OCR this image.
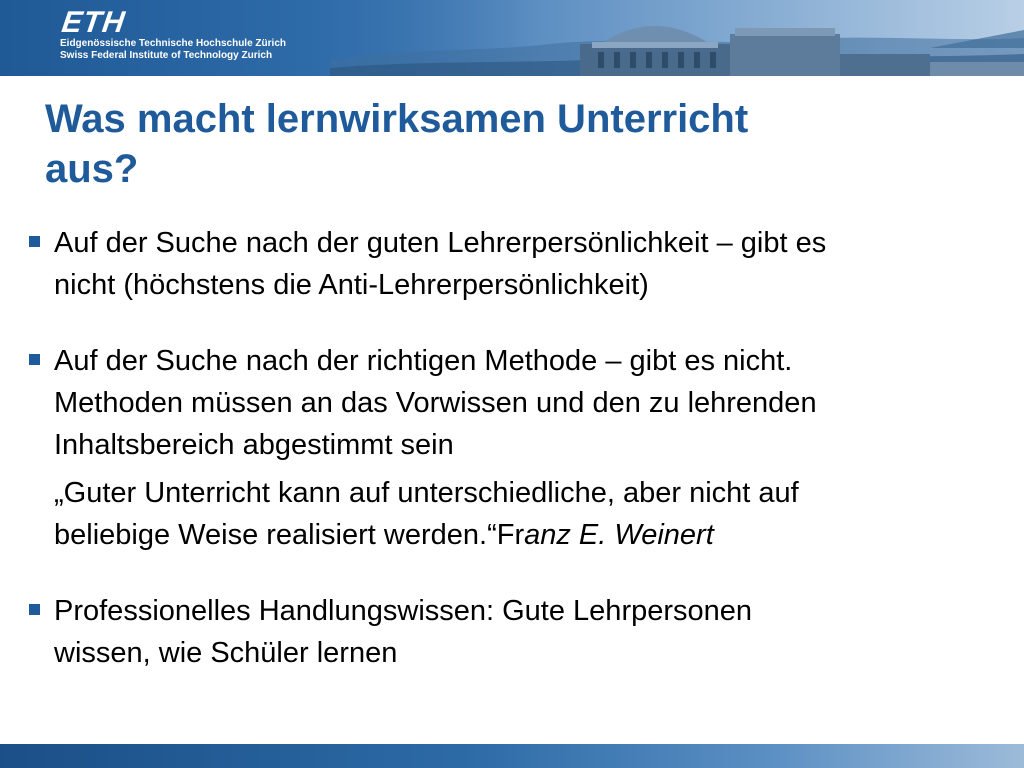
ETH
Eidgenössische Technische Hochschule Zürich
Swiss Federal Institute of Technology Zurich
Was macht lernwirksamen Unterricht
aus?
Auf der Suche nach der guten Lehrerpersönlichkeit – gibt es
nicht (höchstens die Anti-Lehrerpersönlichkeit)
Auf der Suche nach der richtigen Methode – gibt es nicht.
Methoden müssen an das Vorwissen und den zu lehrenden
Inhaltsbereich abgestimmt sein
„Guter Unterricht kann auf unterschiedliche, aber nicht auf
beliebige Weise realisiert werden.“Franz E. Weinert
Professionelles Handlungswissen: Gute Lehrpersonen
wissen, wie Schüler lernen
